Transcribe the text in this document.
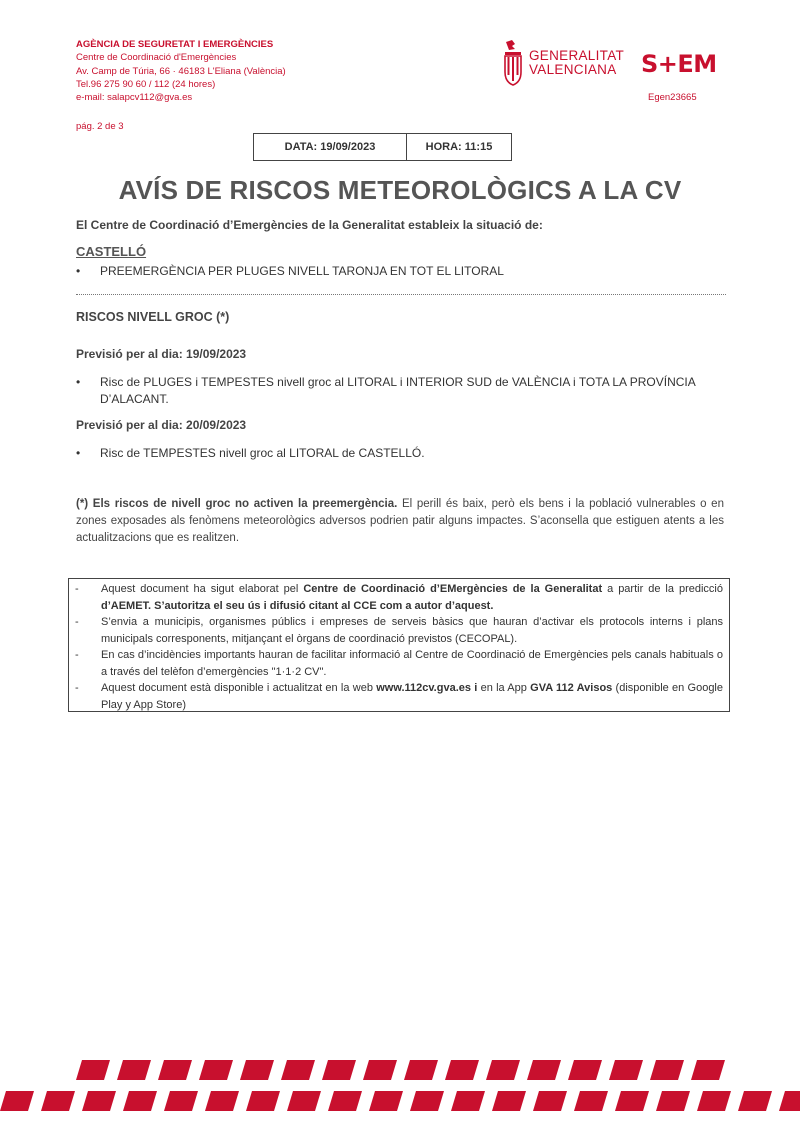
AGÈNCIA DE SEGURETAT I EMERGÈNCIES
Centre de Coordinació d'Emergències
Av. Camp de Túria, 66 · 46183 L'Eliana (València)
Tel.96 275 90 60 / 112 (24 hores)
e-mail: salapcv112@gva.es
GENERALITAT
VALENCIANA	S+EM
Egen23665
pág. 2 de 3
DATA: 19/09/2023	HORA: 11:15
AVÍS DE RISCOS METEOROLÒGICS A LA CV
El Centre de Coordinació d’Emergències de la Generalitat estableix la situació de:
CASTELLÓ
•	PREEMERGÈNCIA PER PLUGES NIVELL TARONJA EN TOT EL LITORAL
RISCOS NIVELL GROC (*)
Previsió per al dia: 19/09/2023
•	Risc de PLUGES i TEMPESTES nivell groc al LITORAL i INTERIOR SUD de VALÈNCIA i TOTA LA PROVÍNCIA
D’ALACANT.
Previsió per al dia: 20/09/2023
•	Risc de TEMPESTES nivell groc al LITORAL de CASTELLÓ.
(*) Els riscos de nivell groc no activen la preemergència. El perill és baix, però els bens i la població vulnerables o en zones exposades als fenòmens meteorològics adversos podrien patir alguns impactes. S’aconsella que estiguen atents a les actualitzacions que es realitzen.
-	Aquest document ha sigut elaborat pel Centre de Coordinació d’EMergències de la Generalitat a partir de la predicció d’AEMET. S’autoritza el seu ús i difusió citant al CCE com a autor d’aquest.
-	S’envia a municipis, organismes públics i empreses de serveis bàsics que hauran d’activar els protocols interns i plans municipals corresponents, mitjançant el òrgans de coordinació previstos (CECOPAL).
-	En cas d’incidències importants hauran de facilitar informació al Centre de Coordinació de Emergències pels canals habituals o a través del telèfon d’emergències "1·1·2 CV".
-	Aquest document està disponible i actualitzat en la web www.112cv.gva.es i en la App GVA 112 Avisos (disponible en Google Play y App Store)
